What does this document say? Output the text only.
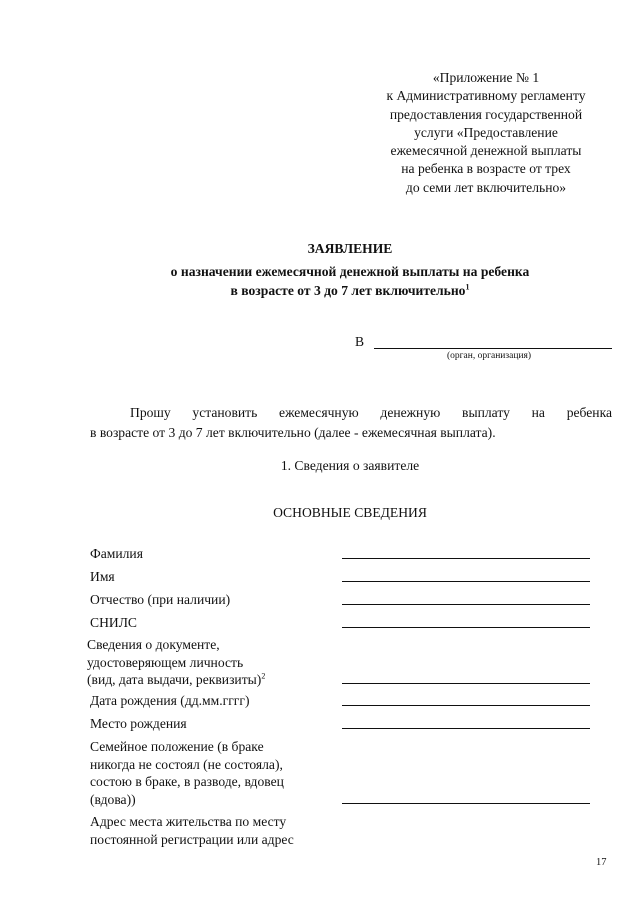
«Приложение № 1
к Административному регламенту
предоставления государственной
услуги «Предоставление
ежемесячной денежной выплаты
на ребенка в возрасте от трех
до семи лет включительно»
ЗАЯВЛЕНИЕ
о назначении ежемесячной денежной выплаты на ребенка
в возрасте от 3 до 7 лет включительно$^1$
В
(орган, организация)
Прошу установить ежемесячную денежную выплату на ребенка
в возрасте от 3 до 7 лет включительно (далее - ежемесячная выплата).
1. Сведения о заявителе
ОСНОВНЫЕ СВЕДЕНИЯ
Фамилия
Имя
Отчество (при наличии)
СНИЛС
Сведения о документе,
удостоверяющем личность
(вид, дата выдачи, реквизиты)$^2$
Дата рождения (дд.мм.гггг)
Место рождения
Семейное положение (в браке
никогда не состоял (не состояла),
состою в браке, в разводе, вдовец
(вдова))
Адрес места жительства по месту
постоянной регистрации или адрес
17
